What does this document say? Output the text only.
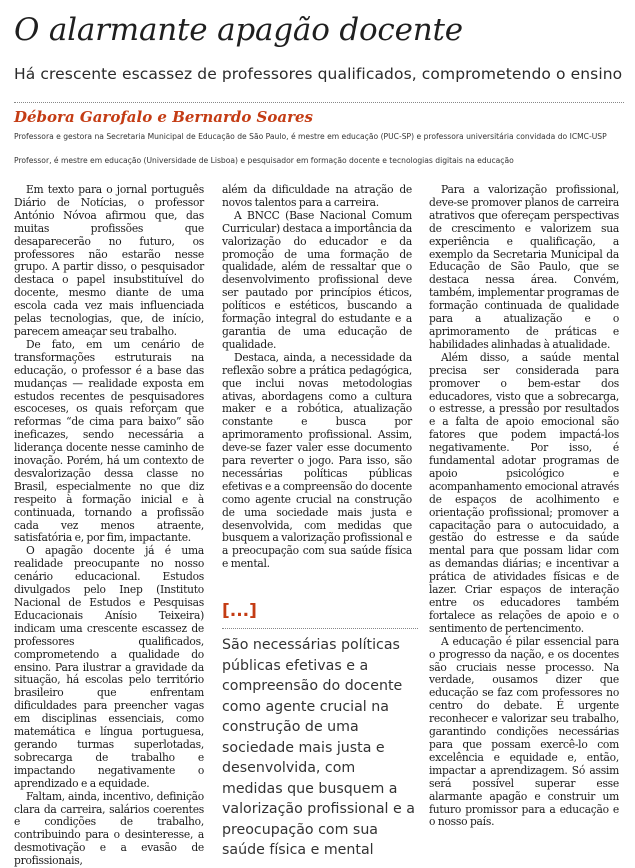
O alarmante apagão docente
Há crescente escassez de professores qualificados, comprometendo o ensino
Débora Garofalo e Bernardo Soares
Professora e gestora na Secretaria Municipal de Educação de São Paulo, é mestre em educação (PUC-SP) e professora universitária convidada do ICMC-USP
Professor, é mestre em educação (Universidade de Lisboa) e pesquisador em formação docente e tecnologias digitais na educação

Em texto para o jornal português Diário de Notícias, o professor António Nóvoa afirmou que, das muitas profissões que desaparecerão no futuro, os professores não estarão nesse grupo. A partir disso, o pesquisador destaca o papel insubstituível do docente, mesmo diante de uma escola cada vez mais influenciada pelas tecnologias, que, de início, parecem ameaçar seu trabalho.

De fato, em um cenário de transformações estruturais na educação, o professor é a base das mudanças — realidade exposta em estudos recentes de pesquisadores escoceses, os quais reforçam que reformas “de cima para baixo” são ineficazes, sendo necessária a liderança docente nesse caminho de inovação. Porém, há um contexto de desvalorização dessa classe no Brasil, especialmente no que diz respeito à formação inicial e à continuada, tornando a profissão cada vez menos atraente, satisfatória e, por fim, impactante.

O apagão docente já é uma realidade preocupante no nosso cenário educacional. Estudos divulgados pelo Inep (Instituto Nacional de Estudos e Pesquisas Educacionais Anísio Teixeira) indicam uma crescente escassez de professores qualificados, comprometendo a qualidade do ensino. Para ilustrar a gravidade da situação, há escolas pelo território brasileiro que enfrentam dificuldades para preencher vagas em disciplinas essenciais, como matemática e língua portuguesa, gerando turmas superlotadas, sobrecarga de trabalho e impactando negativamente o aprendizado e a equidade.

Faltam, ainda, incentivo, definição clara da carreira, salários coerentes e condições de trabalho, contribuindo para o desinteresse, a desmotivação e a evasão de profissionais,

além da dificuldade na atração de novos talentos para a carreira.

A BNCC (Base Nacional Comum Curricular) destaca a importância da valorização do educador e da promoção de uma formação de qualidade, além de ressaltar que o desenvolvimento profissional deve ser pautado por princípios éticos, políticos e estéticos, buscando a formação integral do estudante e a garantia de uma educação de qualidade.

Destaca, ainda, a necessidade da reflexão sobre a prática pedagógica, que inclui novas metodologias ativas, abordagens como a cultura maker e a robótica, atualização constante e busca por aprimoramento profissional. Assim, deve-se fazer valer esse documento para reverter o jogo. Para isso, são necessárias políticas públicas efetivas e a compreensão do docente como agente crucial na construção de uma sociedade mais justa e desenvolvida, com medidas que busquem a valorização profissional e a preocupação com sua saúde física e mental.

[...]

São necessárias políticas públicas efetivas e a compreensão do docente como agente crucial na construção de uma sociedade mais justa e desenvolvida, com medidas que busquem a valorização profissional e a preocupação com sua saúde física e mental

Para a valorização profissional, deve-se promover planos de carreira atrativos que ofereçam perspectivas de crescimento e valorizem sua experiência e qualificação, a exemplo da Secretaria Municipal da Educação de São Paulo, que se destaca nessa área. Convém, também, implementar programas de formação continuada de qualidade para a atualização e o aprimoramento de práticas e habilidades alinhadas à atualidade.

Além disso, a saúde mental precisa ser considerada para promover o bem-estar dos educadores, visto que a sobrecarga, o estresse, a pressão por resultados e a falta de apoio emocional são fatores que podem impactá-los negativamente. Por isso, é fundamental adotar programas de apoio psicológico e acompanhamento emocional através de espaços de acolhimento e orientação profissional; promover a capacitação para o autocuidado, a gestão do estresse e da saúde mental para que possam lidar com as demandas diárias; e incentivar a prática de atividades físicas e de lazer. Criar espaços de interação entre os educadores também fortalece as relações de apoio e o sentimento de pertencimento.

A educação é pilar essencial para o progresso da nação, e os docentes são cruciais nesse processo. Na verdade, ousamos dizer que educação se faz com professores no centro do debate. É urgente reconhecer e valorizar seu trabalho, garantindo condições necessárias para que possam exercê-lo com excelência e equidade e, então, impactar a aprendizagem. Só assim será possível superar esse alarmante apagão e construir um futuro promissor para a educação e o nosso país.
